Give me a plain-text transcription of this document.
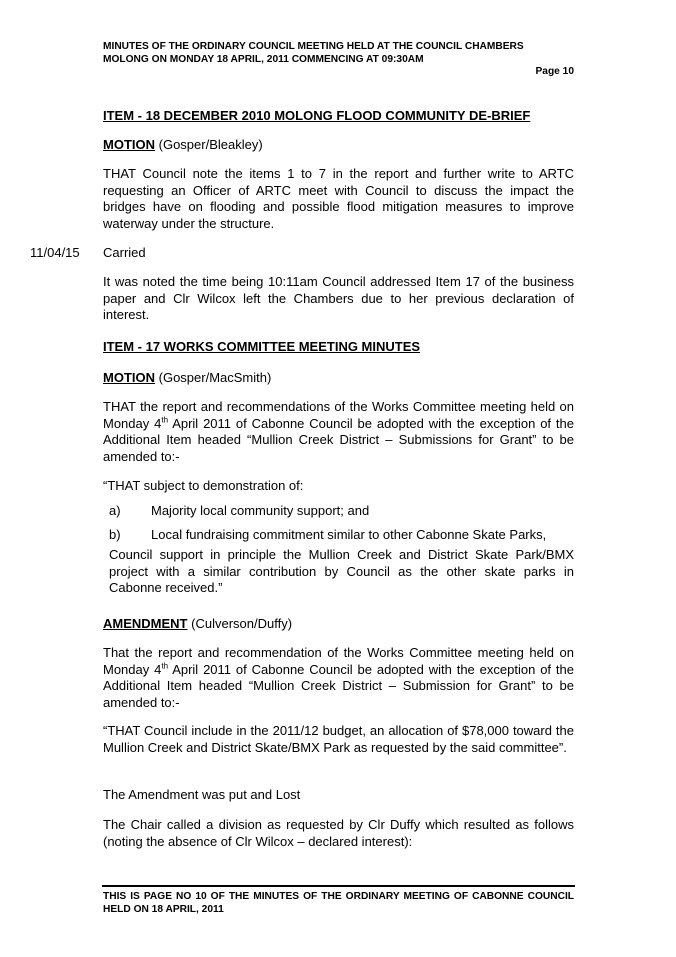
MINUTES OF THE ORDINARY COUNCIL MEETING HELD AT THE COUNCIL CHAMBERS
MOLONG ON MONDAY 18 APRIL, 2011 COMMENCING AT 09:30AM
Page 10
ITEM - 18 DECEMBER 2010 MOLONG FLOOD COMMUNITY DE-BRIEF
MOTION (Gosper/Bleakley)
THAT Council note the items 1 to 7 in the report and further write to ARTC requesting an Officer of ARTC meet with Council to discuss the impact the bridges have on flooding and possible flood mitigation measures to improve waterway under the structure.
11/04/15 Carried
It was noted the time being 10:11am Council addressed Item 17 of the business paper and Clr Wilcox left the Chambers due to her previous declaration of interest.
ITEM - 17 WORKS COMMITTEE MEETING MINUTES
MOTION (Gosper/MacSmith)
THAT the report and recommendations of the Works Committee meeting held on Monday 4th April 2011 of Cabonne Council be adopted with the exception of the Additional Item headed “Mullion Creek District – Submissions for Grant” to be amended to:-
“THAT subject to demonstration of:
a) Majority local community support; and
b) Local fundraising commitment similar to other Cabonne Skate Parks,
Council support in principle the Mullion Creek and District Skate Park/BMX project with a similar contribution by Council as the other skate parks in Cabonne received.”
AMENDMENT (Culverson/Duffy)
That the report and recommendation of the Works Committee meeting held on Monday 4th April 2011 of Cabonne Council be adopted with the exception of the Additional Item headed “Mullion Creek District – Submission for Grant” to be amended to:-
“THAT Council include in the 2011/12 budget, an allocation of $78,000 toward the Mullion Creek and District Skate/BMX Park as requested by the said committee”.
The Amendment was put and Lost
The Chair called a division as requested by Clr Duffy which resulted as follows (noting the absence of Clr Wilcox – declared interest):
THIS IS PAGE NO 10 OF THE MINUTES OF THE ORDINARY MEETING OF CABONNE COUNCIL HELD ON 18 APRIL, 2011
